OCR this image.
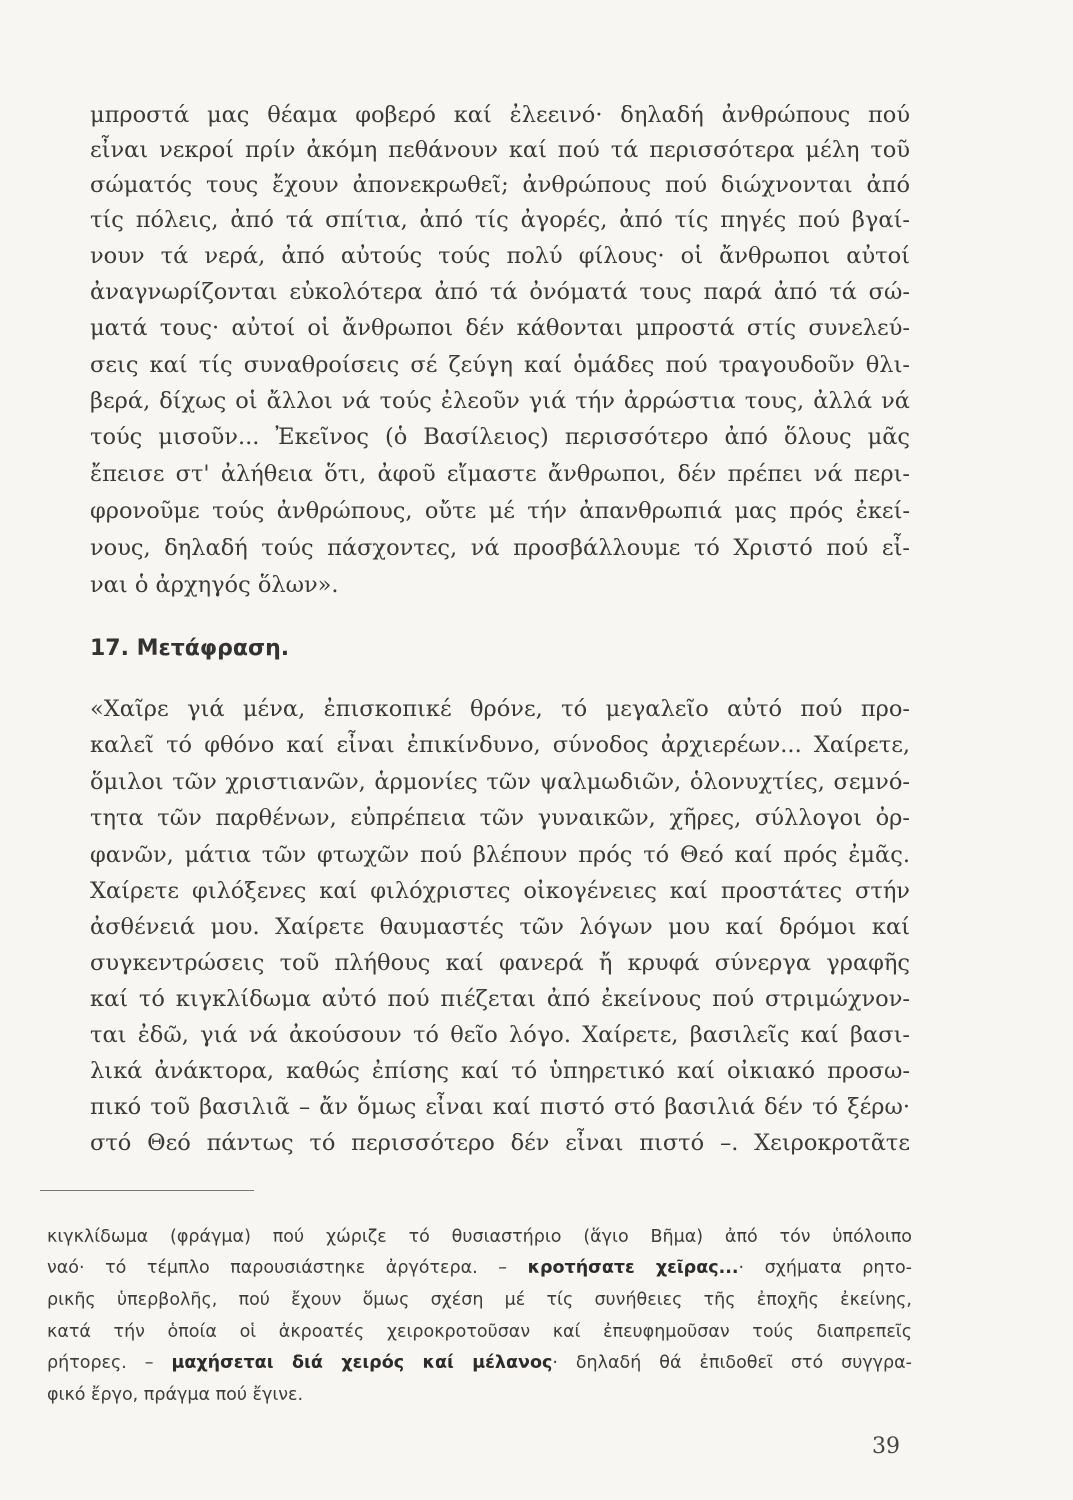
μπροστά μας θέαμα φοβερό καί ἐλεεινό· δηλαδή ἀνθρώπους πού
εἶναι νεκροί πρίν ἀκόμη πεθάνουν καί πού τά περισσότερα μέλη τοῦ
σώματός τους ἔχουν ἀπονεκρωθεῖ; ἀνθρώπους πού διώχνονται ἀπό
τίς πόλεις, ἀπό τά σπίτια, ἀπό τίς ἀγορές, ἀπό τίς πηγές πού βγαί-
νουν τά νερά, ἀπό αὐτούς τούς πολύ φίλους· οἱ ἄνθρωποι αὐτοί
ἀναγνωρίζονται εὐκολότερα ἀπό τά ὀνόματά τους παρά ἀπό τά σώ-
ματά τους· αὐτοί οἱ ἄνθρωποι δέν κάθονται μπροστά στίς συνελεύ-
σεις καί τίς συναθροίσεις σέ ζεύγη καί ὁμάδες πού τραγουδοῦν θλι-
βερά, δίχως οἱ ἄλλοι νά τούς ἐλεοῦν γιά τήν ἀρρώστια τους, ἀλλά νά
τούς μισοῦν... Ἐκεῖνος (ὁ Βασίλειος) περισσότερο ἀπό ὅλους μᾶς
ἔπεισε στ' ἀλήθεια ὅτι, ἀφοῦ εἴμαστε ἄνθρωποι, δέν πρέπει νά περι-
φρονοῦμε τούς ἀνθρώπους, οὔτε μέ τήν ἀπανθρωπιά μας πρός ἐκεί-
νους, δηλαδή τούς πάσχοντες, νά προσβάλλουμε τό Χριστό πού εἶ-
ναι ὁ ἀρχηγός ὅλων».
17. Μετάφραση.
«Χαῖρε γιά μένα, ἐπισκοπικέ θρόνε, τό μεγαλεῖο αὐτό πού προ-
καλεῖ τό φθόνο καί εἶναι ἐπικίνδυνο, σύνοδος ἀρχιερέων... Χαίρετε,
ὅμιλοι τῶν χριστιανῶν, ἁρμονίες τῶν ψαλμωδιῶν, ὁλονυχτίες, σεμνό-
τητα τῶν παρθένων, εὐπρέπεια τῶν γυναικῶν, χῆρες, σύλλογοι ὀρ-
φανῶν, μάτια τῶν φτωχῶν πού βλέπουν πρός τό Θεό καί πρός ἐμᾶς.
Χαίρετε φιλόξενες καί φιλόχριστες οἰκογένειες καί προστάτες στήν
ἀσθένειά μου. Χαίρετε θαυμαστές τῶν λόγων μου καί δρόμοι καί
συγκεντρώσεις τοῦ πλήθους καί φανερά ἤ κρυφά σύνεργα γραφῆς
καί τό κιγκλίδωμα αὐτό πού πιέζεται ἀπό ἐκείνους πού στριμώχνον-
ται ἐδῶ, γιά νά ἀκούσουν τό θεῖο λόγο. Χαίρετε, βασιλεῖς καί βασι-
λικά ἀνάκτορα, καθώς ἐπίσης καί τό ὑπηρετικό καί οἰκιακό προσω-
πικό τοῦ βασιλιᾶ – ἄν ὅμως εἶναι καί πιστό στό βασιλιά δέν τό ξέρω·
στό Θεό πάντως τό περισσότερο δέν εἶναι πιστό –. Χειροκροτᾶτε
κιγκλίδωμα (φράγμα) πού χώριζε τό θυσιαστήριο (ἅγιο Βῆμα) ἀπό τόν ὑπόλοιπο
ναό· τό τέμπλο παρουσιάστηκε ἀργότερα. – κροτήσατε χεῖρας...· σχήματα ρητο-
ρικῆς ὑπερβολῆς, πού ἔχουν ὅμως σχέση μέ τίς συνήθειες τῆς ἐποχῆς ἐκείνης,
κατά τήν ὁποία οἱ ἀκροατές χειροκροτοῦσαν καί ἐπευφημοῦσαν τούς διαπρεπεῖς
ρήτορες. – μαχήσεται διά χειρός καί μέλανος· δηλαδή θά ἐπιδοθεῖ στό συγγρα-
φικό ἔργο, πράγμα πού ἔγινε.
39
